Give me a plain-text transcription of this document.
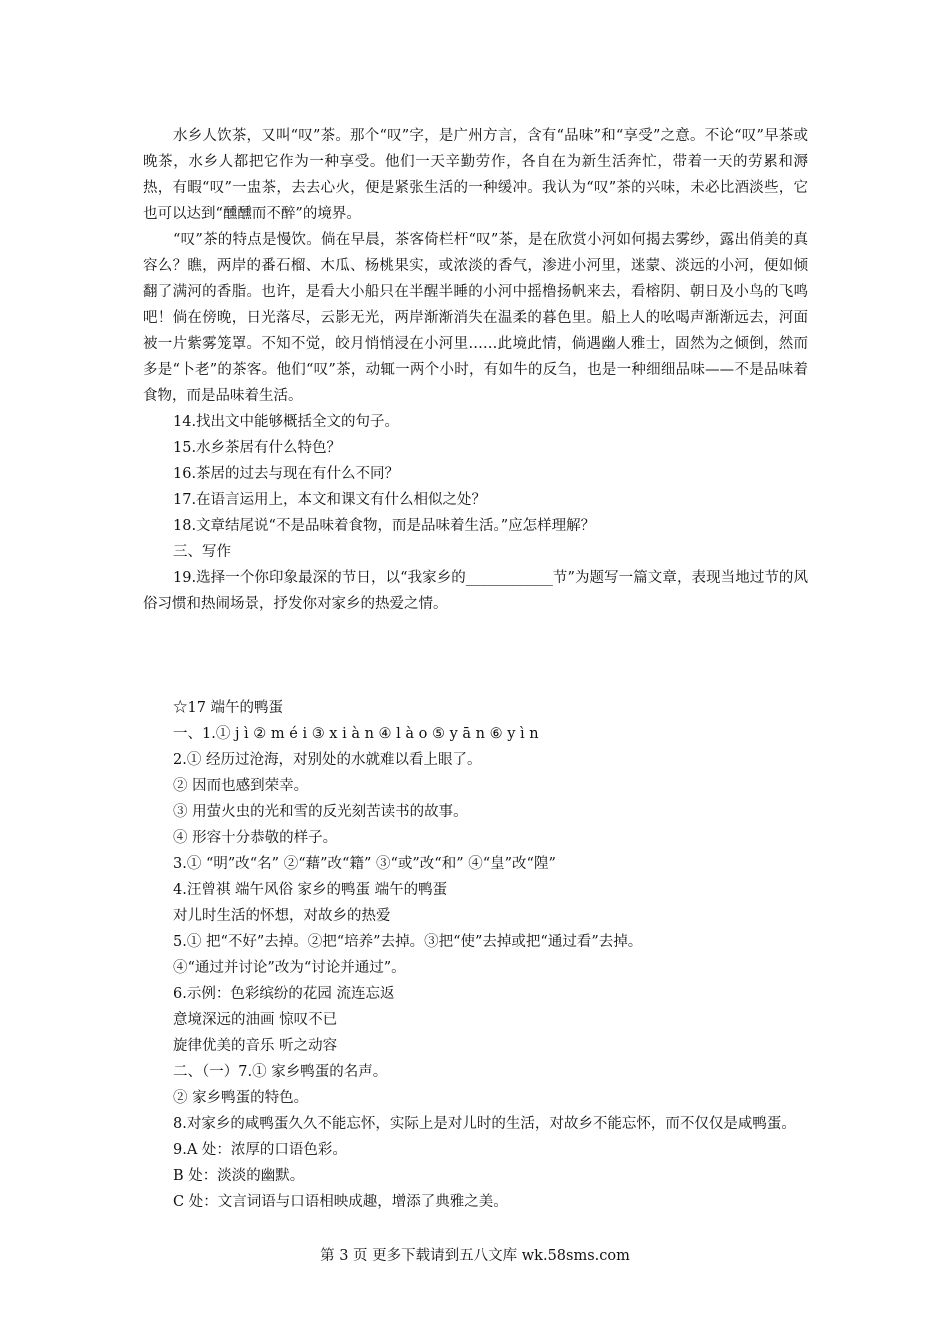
水乡人饮茶，又叫“叹”茶。那个“叹”字，是广州方言，含有“品味”和“享受”之意。不论“叹”早茶或晚茶，水乡人都把它作为一种享受。他们一天辛勤劳作，各自在为新生活奔忙，带着一天的劳累和溽热，有暇“叹”一盅茶，去去心火，便是紧张生活的一种缓冲。我认为“叹”茶的兴味，未必比酒淡些，它也可以达到“醺醺而不醉”的境界。

“叹”茶的特点是慢饮。倘在早晨，茶客倚栏杆“叹”茶，是在欣赏小河如何揭去雾纱，露出俏美的真容么？瞧，两岸的番石榴、木瓜、杨桃果实，或浓淡的香气，渗进小河里，迷蒙、淡远的小河，便如倾翻了满河的香脂。也许，是看大小船只在半醒半睡的小河中摇橹扬帆来去，看榕阴、朝日及小鸟的飞鸣吧！倘在傍晚，日光落尽，云影无光，两岸渐渐消失在温柔的暮色里。船上人的吆喝声渐渐远去，河面被一片紫雾笼罩。不知不觉，皎月悄悄浸在小河里……此境此情，倘遇幽人雅士，固然为之倾倒，然而多是“卜老”的茶客。他们“叹”茶，动辄一两个小时，有如牛的反刍，也是一种细细品味——不是品味着食物，而是品味着生活。

14.找出文中能够概括全文的句子。

15.水乡茶居有什么特色？

16.茶居的过去与现在有什么不同？

17.在语言运用上，本文和课文有什么相似之处？

18.文章结尾说“不是品味着食物，而是品味着生活。”应怎样理解？

三、写作

19.选择一个你印象最深的节日，以“我家乡的____________节”为题写一篇文章，表现当地过节的风俗习惯和热闹场景，抒发你对家乡的热爱之情。

☆17 端午的鸭蛋

一、1.① j ì ② m é i ③ x i à n ④ l à o ⑤ y ā n ⑥ y ì n

2.① 经历过沧海，对别处的水就难以看上眼了。

② 因而也感到荣幸。

③ 用萤火虫的光和雪的反光刻苦读书的故事。

④ 形容十分恭敬的样子。

3.① “明”改“名” ②“藉”改“籍” ③“或”改“和” ④“皇”改“隍”

4.汪曾祺 端午风俗 家乡的鸭蛋 端午的鸭蛋

对儿时生活的怀想，对故乡的热爱

5.① 把“不好”去掉。②把“培养”去掉。③把“使”去掉或把“通过看”去掉。

④“通过并讨论”改为“讨论并通过”。

6.示例：色彩缤纷的花园 流连忘返

意境深远的油画 惊叹不已

旋律优美的音乐 听之动容

二、（一）7.① 家乡鸭蛋的名声。

② 家乡鸭蛋的特色。

8.对家乡的咸鸭蛋久久不能忘怀，实际上是对儿时的生活，对故乡不能忘怀，而不仅仅是咸鸭蛋。

9.A 处：浓厚的口语色彩。

B 处：淡淡的幽默。

C 处：文言词语与口语相映成趣，增添了典雅之美。

第 3 页 更多下载请到五八文库 wk.58sms.com
